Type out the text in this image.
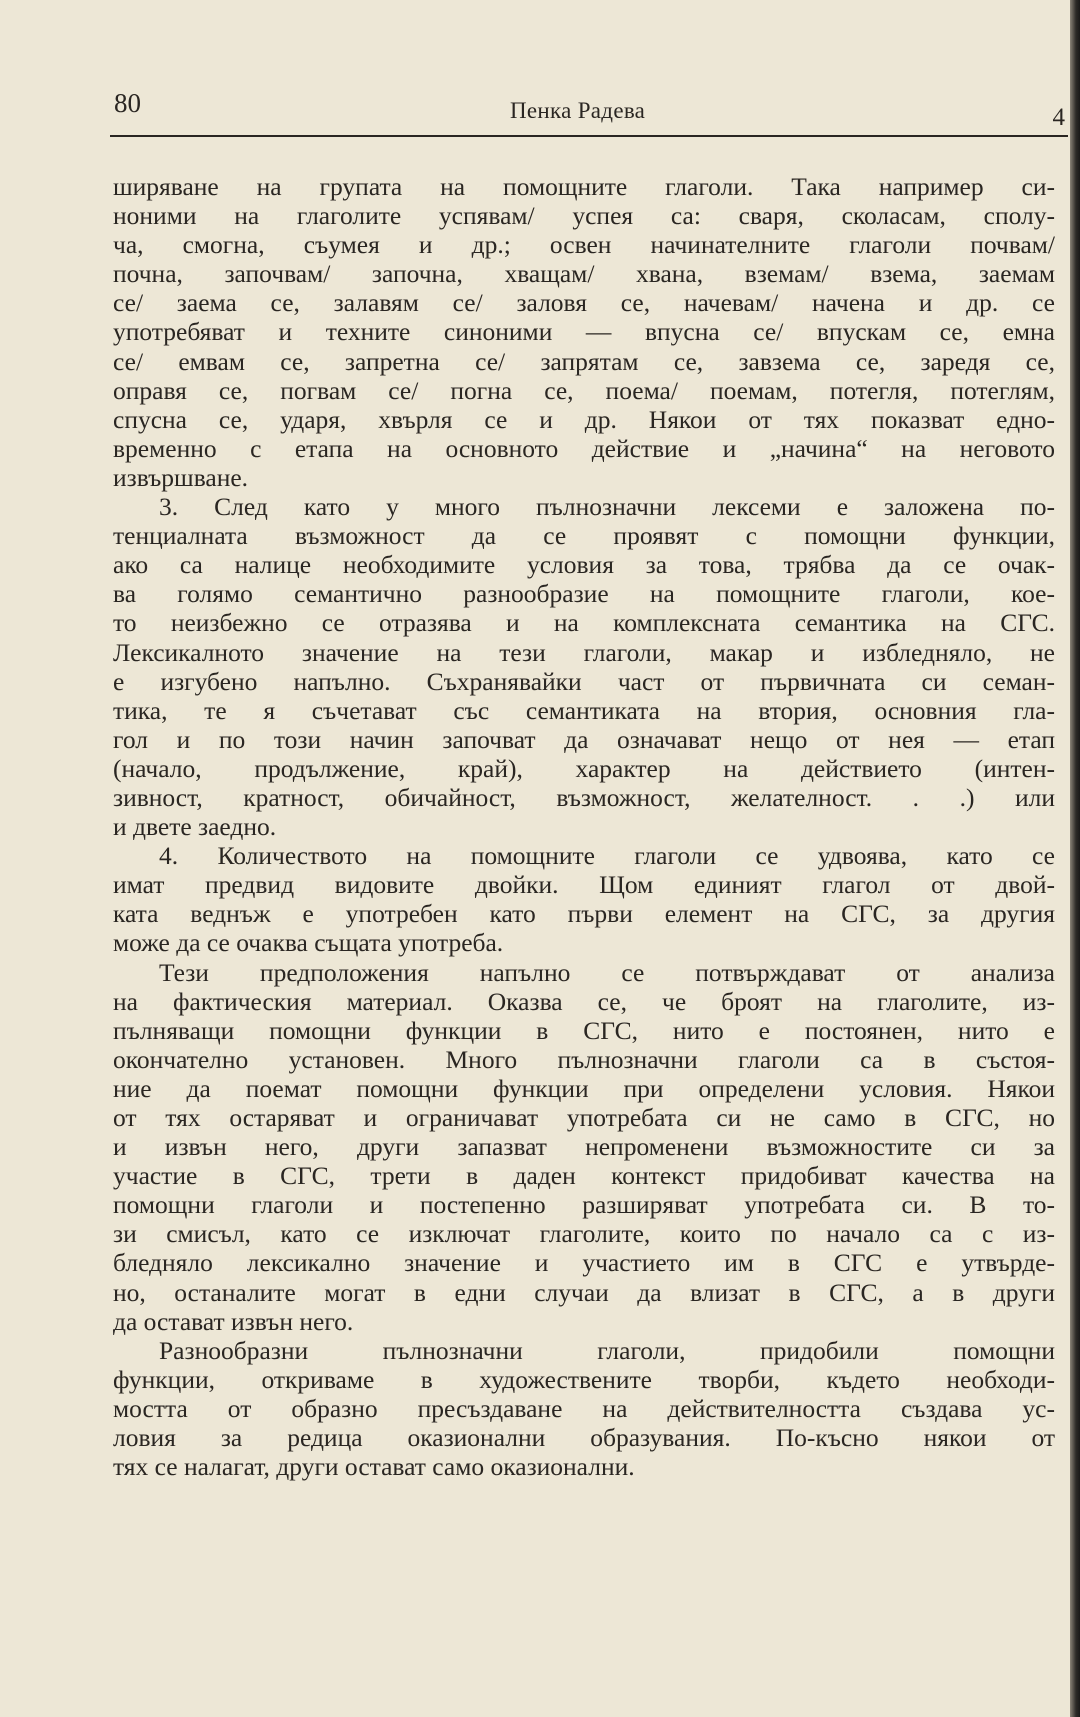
80	Пенка Радева	4

ширяване на групата на помощните глаголи. Така например си-

ноними на глаголите успявам/ успея са: сваря, сколасам, сполу-

ча, смогна, съумея и др.; освен начинателните глаголи почвам/

почна, започвам/ започна, хващам/ хвана, вземам/ взема, заемам

се/ заема се, залавям се/ заловя се, начевам/ начена и др. се

употребяват и техните синоними — впусна се/ впускам се, емна

се/ емвам се, запретна се/ запрятам се, завзема се, заредя се,

оправя се, погвам се/ погна се, поема/ поемам, потегля, потеглям,

спусна се, ударя, хвърля се и др. Някои от тях показват едно-

временно с етапа на основното действие и „начина“ на неговото

извършване.

3. След като у много пълнозначни лексеми е заложена по-

тенциалната възможност да се проявят с помощни функции,

ако са налице необходимите условия за това, трябва да се очак-

ва голямо семантично разнообразие на помощните глаголи, кое-

то неизбежно се отразява и на комплексната семантика на СГС.

Лексикалното значение на тези глаголи, макар и избледняло, не

е изгубено напълно. Съхранявайки част от първичната си семан-

тика, те я съчетават със семантиката на втория, основния гла-

гол и по този начин започват да означават нещо от нея — етап

(начало, продължение, край), характер на действието (интен-

зивност, кратност, обичайност, възможност, желателност. . .) или

и двете заедно.

4. Количеството на помощните глаголи се удвоява, като се

имат предвид видовите двойки. Щом единият глагол от двой-

ката веднъж е употребен като първи елемент на СГС, за другия

може да се очаква същата употреба.

Тези предположения напълно се потвърждават от анализа

на фактическия материал. Оказва се, че броят на глаголите, из-

пълняващи помощни функции в СГС, нито е постоянен, нито е

окончателно установен. Много пълнозначни глаголи са в състоя-

ние да поемат помощни функции при определени условия. Някои

от тях остаряват и ограничават употребата си не само в СГС, но

и извън него, други запазват непроменени възможностите си за

участие в СГС, трети в даден контекст придобиват качества на

помощни глаголи и постепенно разширяват употребата си. В то-

зи смисъл, като се изключат глаголите, които по начало са с из-

бледняло лексикално значение и участието им в СГС е утвърде-

но, останалите могат в едни случаи да влизат в СГС, а в други

да остават извън него.

Разнообразни пълнозначни глаголи, придобили помощни

функции, откриваме в художествените творби, където необходи-

мостта от образно пресъздаване на действителността създава ус-

ловия за редица оказионални образувания. По-късно някои от

тях се налагат, други остават само оказионални.
